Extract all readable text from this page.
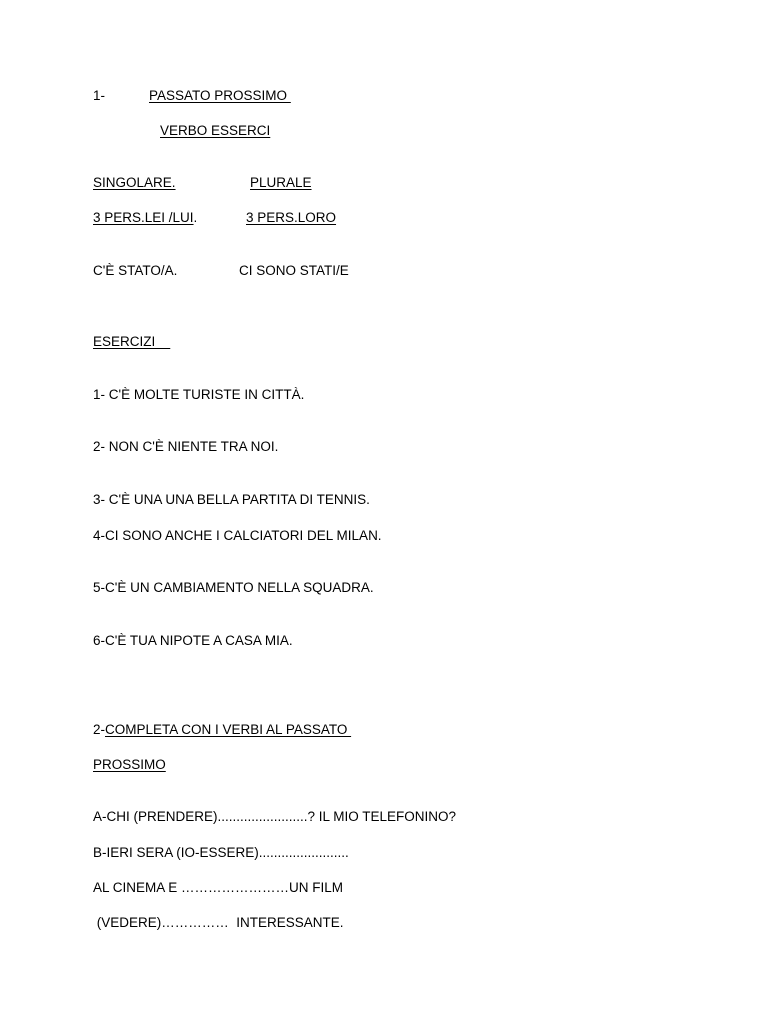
1-	PASSATO PROSSIMO
VERBO ESSERCI
SINGOLARE.	PLURALE
3 PERS.LEI /LUI.	3 PERS.LORO
C'È STATO/A.	CI SONO STATI/E
ESERCIZI
1- C'È MOLTE TURISTE IN CITTÀ.
2- NON C'È NIENTE TRA NOI.
3- C'È UNA UNA BELLA PARTITA DI TENNIS.
4-CI SONO ANCHE I CALCIATORI DEL MILAN.
5-C'È UN CAMBIAMENTO NELLA SQUADRA.
6-C'È TUA NIPOTE A CASA MIA.
2-COMPLETA CON I VERBI AL PASSATO
PROSSIMO
A-CHI (PRENDERE)........................? IL MIO TELEFONINO?
B-IERI SERA (IO-ESSERE)........................
AL CINEMA E ……………………UN FILM
(VEDERE)……………  INTERESSANTE.
